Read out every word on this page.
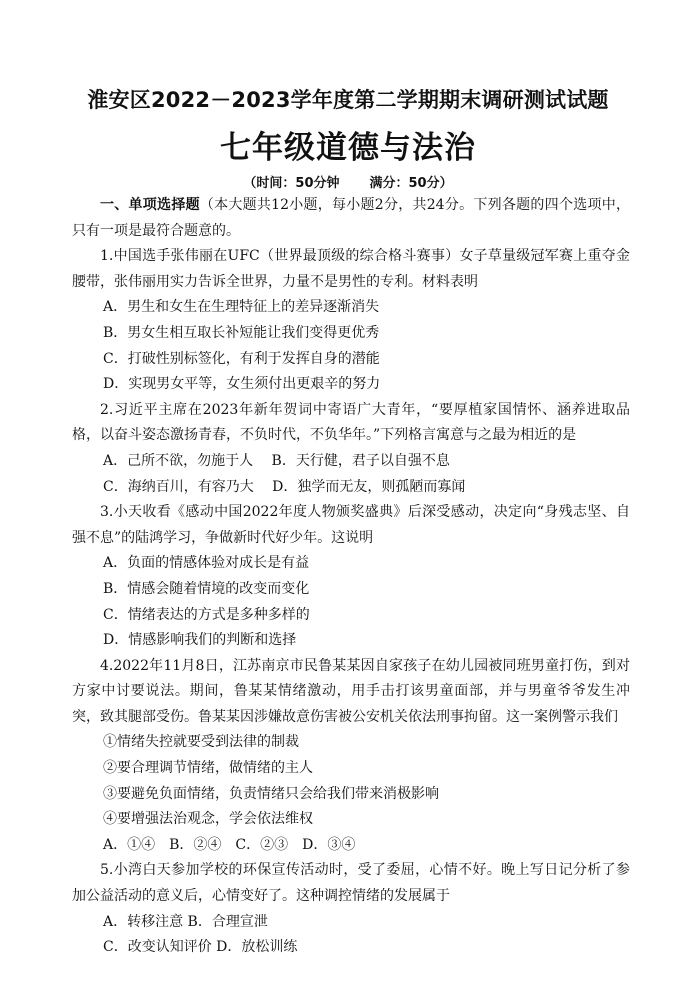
淮安区2022－2023学年度第二学期期末调研测试试题
七年级道德与法治
（时间：50分钟 满分：50分）

一、单项选择题（本大题共12小题，每小题2分，共24分。下列各题的四个选项中，只有一项是最符合题意的。

1.中国选手张伟丽在UFC（世界最顶级的综合格斗赛事）女子草量级冠军赛上重夺金腰带，张伟丽用实力告诉全世界，力量不是男性的专利。材料表明

A．男生和女生在生理特征上的差异逐渐消失

B．男女生相互取长补短能让我们变得更优秀

C．打破性别标签化，有利于发挥自身的潜能

D．实现男女平等，女生须付出更艰辛的努力

2.习近平主席在2023年新年贺词中寄语广大青年，“要厚植家国情怀、涵养进取品格，以奋斗姿态激扬青春，不负时代，不负华年。”下列格言寓意与之最为相近的是

A．己所不欲，勿施于人　 B．天行健，君子以自强不息

C．海纳百川，有容乃大　 D．独学而无友，则孤陋而寡闻

3.小天收看《感动中国2022年度人物颁奖盛典》后深受感动，决定向“身残志坚、自强不息”的陆鸿学习，争做新时代好少年。这说明

A．负面的情感体验对成长是有益

B．情感会随着情境的改变而变化

C．情绪表达的方式是多种多样的

D．情感影响我们的判断和选择

4.2022年11月8日，江苏南京市民鲁某某因自家孩子在幼儿园被同班男童打伤，到对方家中讨要说法。期间，鲁某某情绪激动，用手击打该男童面部，并与男童爷爷发生冲突，致其腿部受伤。鲁某某因涉嫌故意伤害被公安机关依法刑事拘留。这一案例警示我们

①情绪失控就要受到法律的制裁

②要合理调节情绪，做情绪的主人

③要避免负面情绪，负责情绪只会给我们带来消极影响

④要增强法治观念，学会依法维权

A．①④　B．②④　C．②③　D．③④

5.小湾白天参加学校的环保宣传活动时，受了委屈，心情不好。晚上写日记分析了参加公益活动的意义后，心情变好了。这种调控情绪的发展属于

A．转移注意 B．合理宣泄

C．改变认知评价 D．放松训练
